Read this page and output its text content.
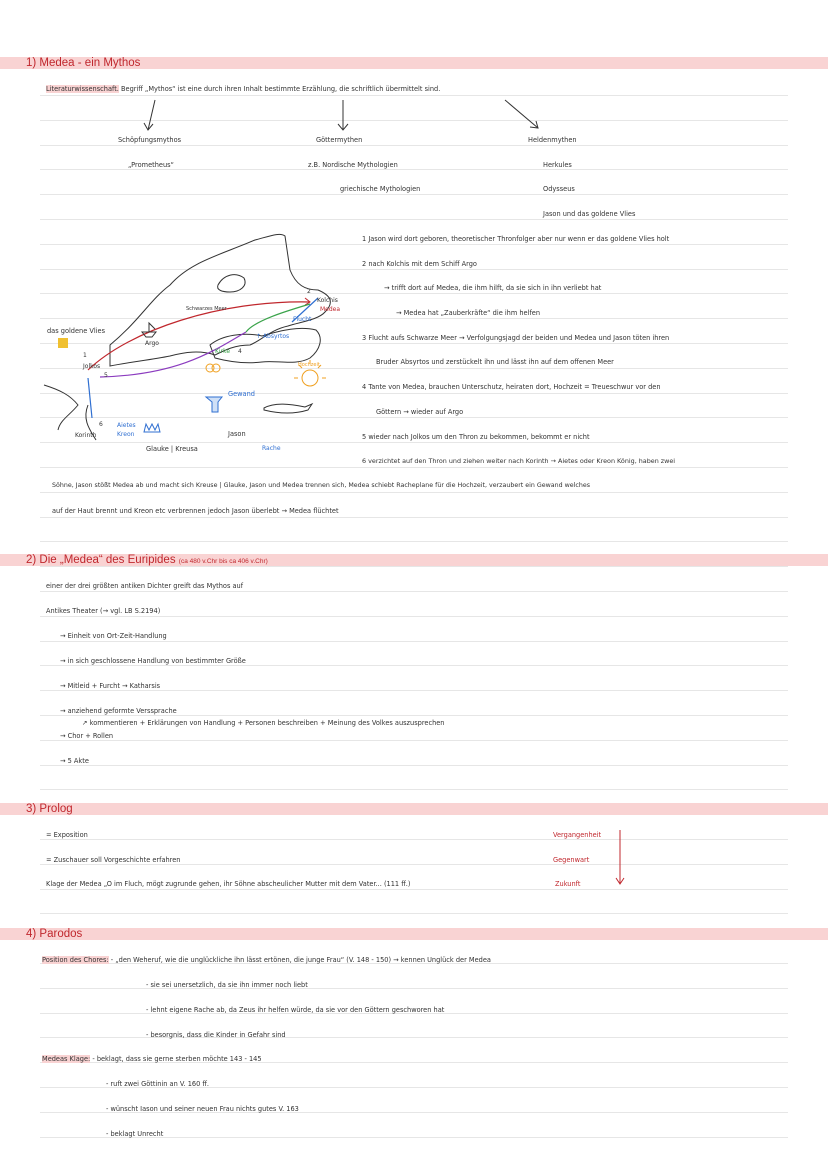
1) Medea - ein Mythos
Literaturwissenschaft. Begriff „Mythos“ ist eine durch ihren Inhalt bestimmte Erzählung, die schriftlich übermittelt sind.
Schöpfungsmythos
„Prometheus“
Göttermythen
z.B. Nordische Mythologien
griechische Mythologien
Heldenmythen
Herkules
Odysseus
Jason und das goldene Vlies
1 Jason wird dort geboren, theoretischer Thronfolger aber nur wenn er das goldene Vlies holt
2 nach Kolchis mit dem Schiff Argo
→ trifft dort auf Medea, die ihm hilft, da sie sich in ihn verliebt hat
→ Medea hat „Zauberkräfte“ die ihm helfen
3 Flucht aufs Schwarze Meer → Verfolgungsjagd der beiden und Medea und Jason töten ihren
Bruder Absyrtos und zerstückelt ihn und lässt ihn auf dem offenen Meer
4 Tante von Medea, brauchen Unterschutz, heiraten dort, Hochzeit = Treueschwur vor den
Göttern → wieder auf Argo
5 wieder nach Jolkos um den Thron zu bekommen, bekommt er nicht
6 verzichtet auf den Thron und ziehen weiter nach Korinth → Aietes oder Kreon König, haben zwei
Söhne, Jason stößt Medea ab und macht sich Kreuse | Glauke, Jason und Medea trennen sich, Medea schiebt Racheplane für die Hochzeit, verzaubert ein Gewand welches
auf der Haut brennt und Kreon etc verbrennen jedoch Jason überlebt → Medea flüchtet
das goldene Vlies
Schwarzes Meer
Kolchis
Medea
Flucht
Argo
↑ Absyrtos
Kirke
Hochzeit
Jolkos
Gewand
Korinth
Aietes
Kreon
Glauke | Kreusa
Jason
Rache
1
2
5
4
6
2) Die „Medea“ des Euripides (ca 480 v.Chr bis ca 406 v.Chr)
einer der drei größten antiken Dichter greift das Mythos auf
Antikes Theater (→ vgl. LB S.2194)
→ Einheit von Ort-Zeit-Handlung
→ in sich geschlossene Handlung von bestimmter Größe
→ Mitleid + Furcht → Katharsis
→ anziehend geformte Verssprache
↗ kommentieren + Erklärungen von Handlung + Personen beschreiben + Meinung des Volkes auszusprechen
→ Chor + Rollen
→ 5 Akte
3) Prolog
= Exposition
= Zuschauer soll Vorgeschichte erfahren
Klage der Medea „O im Fluch, mögt zugrunde gehen, ihr Söhne abscheulicher Mutter mit dem Vater... (111 ff.)
Vergangenheit
Gegenwart
Zukunft
4) Parodos
Position des Chores: - „den Weheruf, wie die unglückliche ihn lässt ertönen, die junge Frau“ (V. 148 - 150) → kennen Unglück der Medea
- sie sei unersetzlich, da sie ihn immer noch liebt
- lehnt eigene Rache ab, da Zeus ihr helfen würde, da sie vor den Göttern geschworen hat
- besorgnis, dass die Kinder in Gefahr sind
Medeas Klage: - beklagt, dass sie gerne sterben möchte 143 - 145
- ruft zwei Göttinin an V. 160 ff.
- wünscht Iason und seiner neuen Frau nichts gutes V. 163
- beklagt Unrecht
